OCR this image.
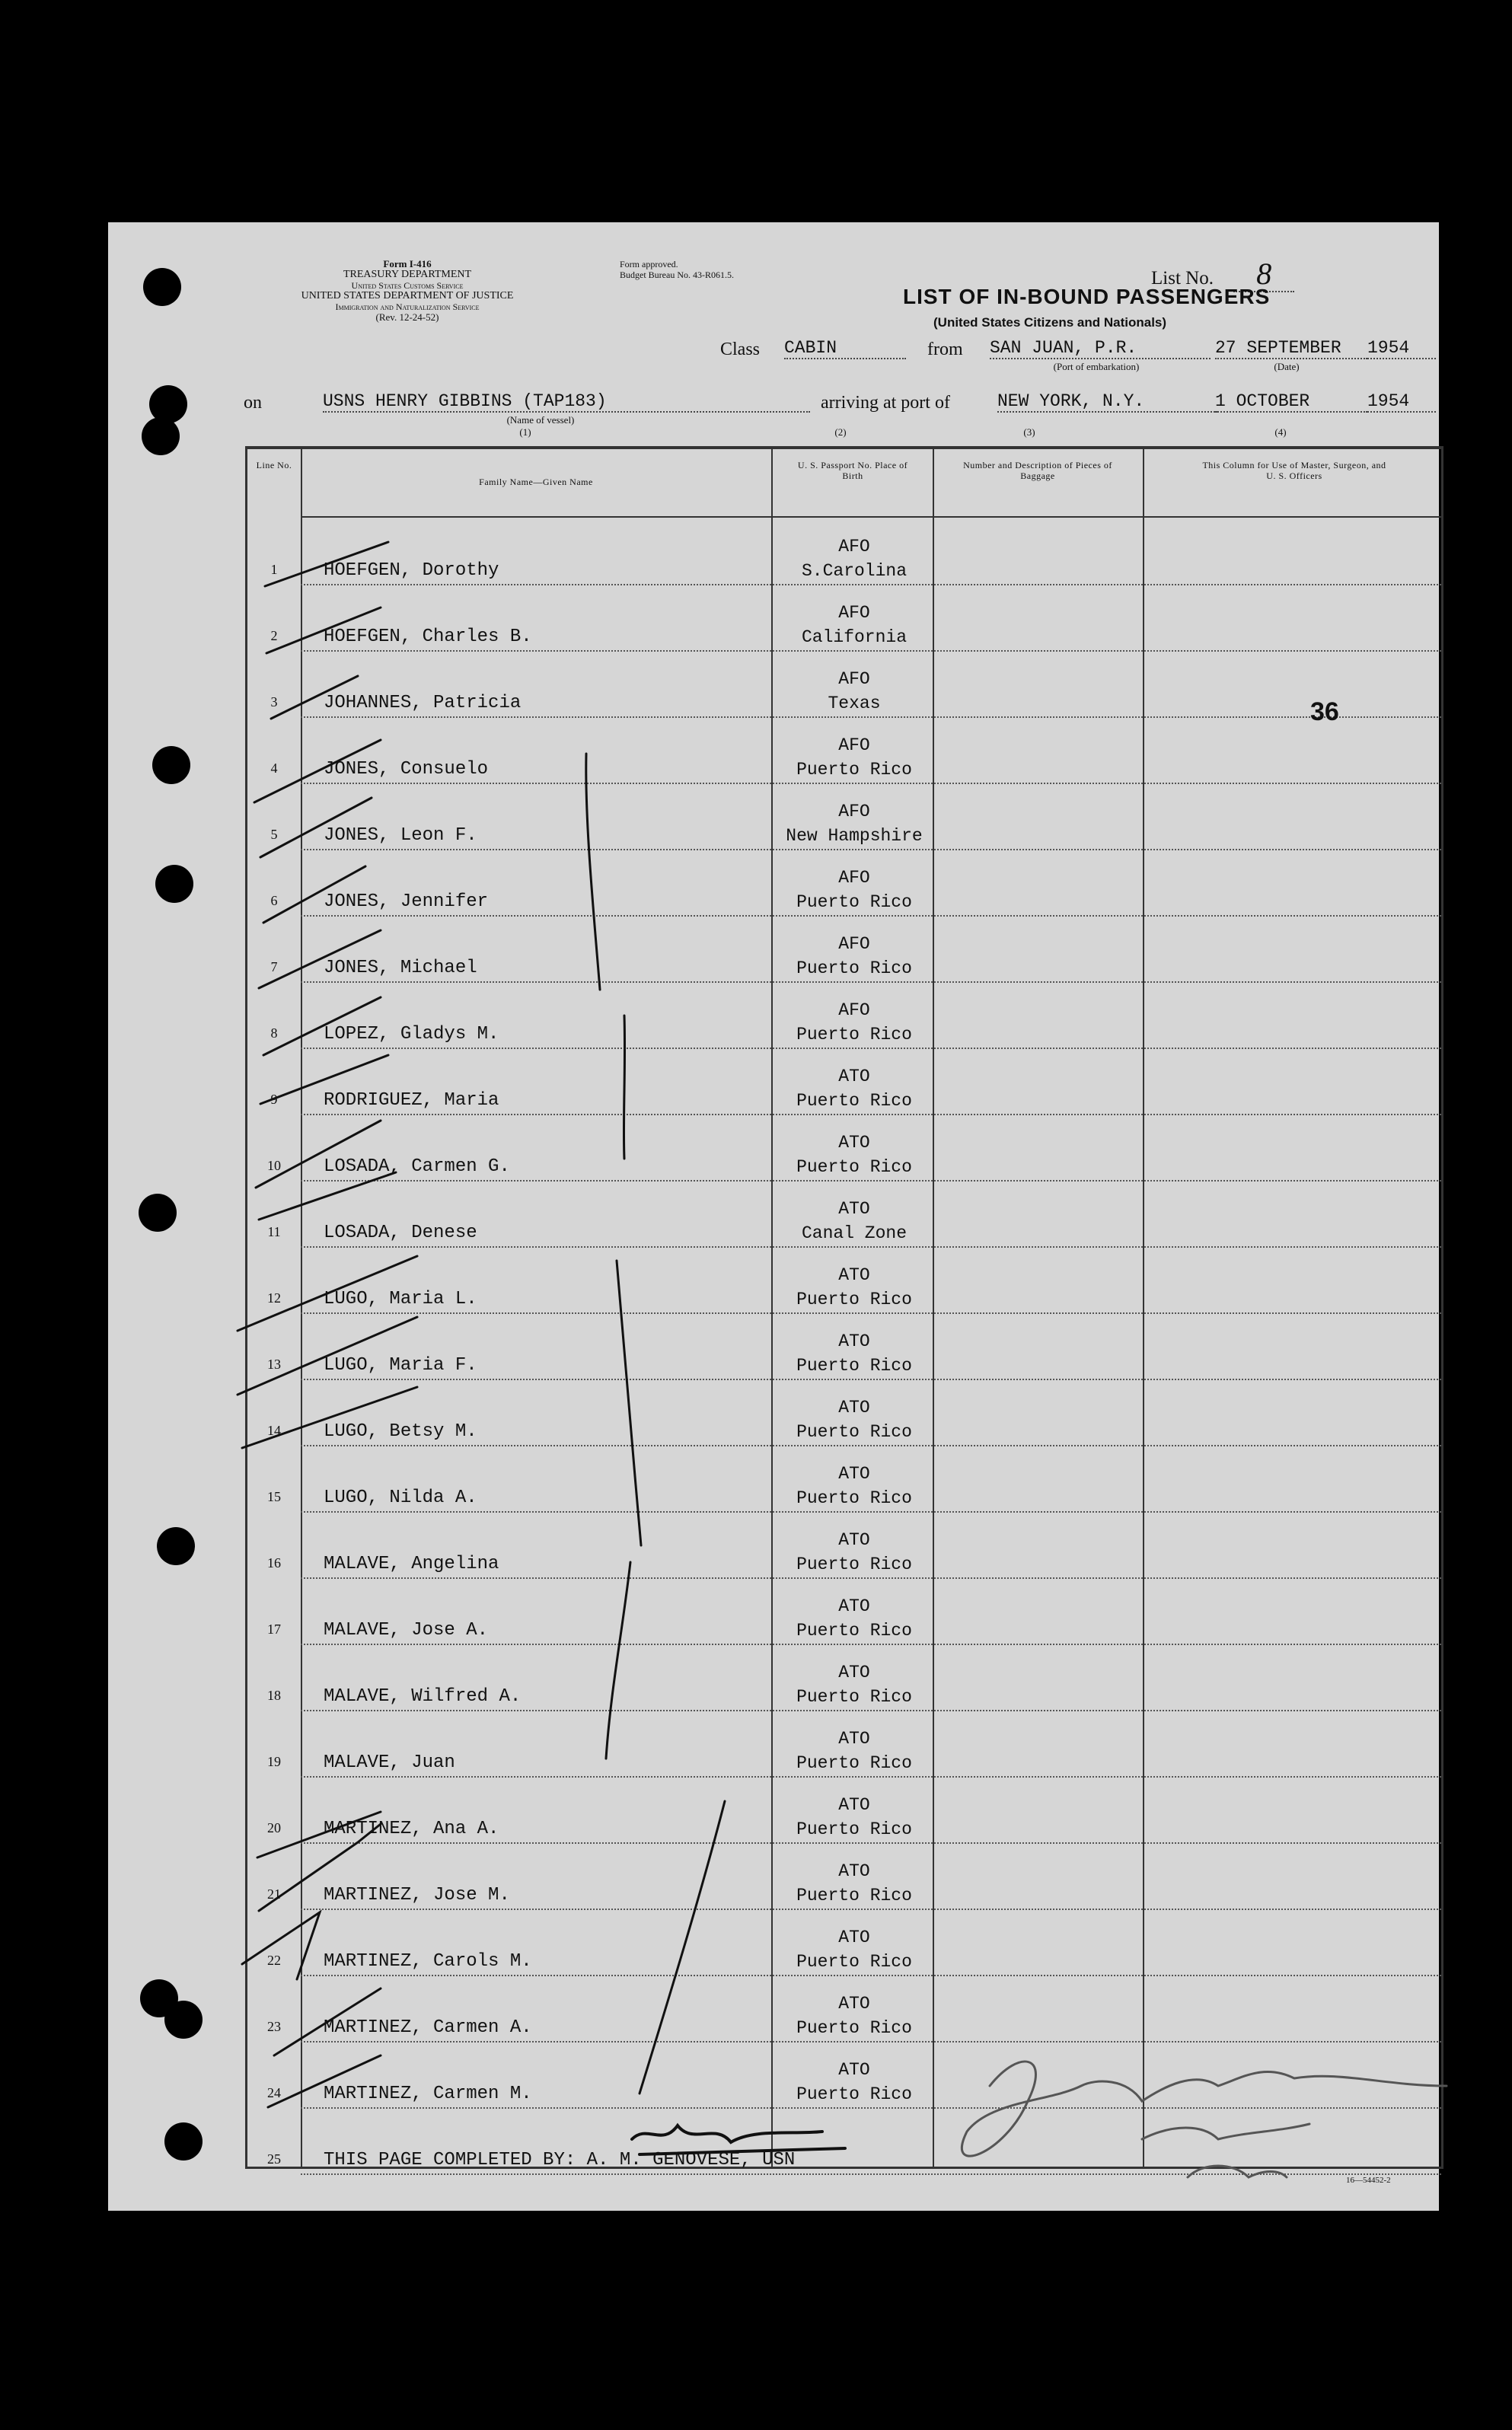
Form I-416
TREASURY DEPARTMENT
United States Customs Service
UNITED STATES DEPARTMENT OF JUSTICE
Immigration and Naturalization Service
(Rev. 12-24-52)
Form approved.
Budget Bureau No. 43-R061.5.	List No. 8
LIST OF IN-BOUND PASSENGERS
(United States Citizens and Nationals)
Class CABIN	from SAN JUAN, P.R.
(Port of embarkation)
27 SEPTEMBER	1954
(Date)
on	USNS HENRY GIBBINS (TAP183)
(Name of vessel)
arriving at port of	NEW YORK, N.Y.	1 OCTOBER	1954
(1)	(2)	(3)	(4)
Line No.
Family Name—Given Name
U. S. Passport No. Place of Birth
Number and Description of Pieces of Baggage
This Column for Use of Master, Surgeon, and U. S. Officers
1	HOEFGEN, Dorothy
AFO
S.Carolina
2	HOEFGEN, Charles B.
AFO
California
3	JOHANNES, Patricia
AFO
Texas
4	JONES, Consuelo
AFO
Puerto Rico
5	JONES, Leon F.
AFO
New Hampshire
6	JONES, Jennifer
AFO
Puerto Rico
7	JONES, Michael
AFO
Puerto Rico
8	LOPEZ, Gladys M.
AFO
Puerto Rico
9	RODRIGUEZ, Maria
ATO
Puerto Rico
10	LOSADA, Carmen G.
ATO
Puerto Rico
11	LOSADA, Denese
ATO
Canal Zone
12	LUGO, Maria L.
ATO
Puerto Rico
13	LUGO, Maria F.
ATO
Puerto Rico
14	LUGO, Betsy M.
ATO
Puerto Rico
15	LUGO, Nilda A.
ATO
Puerto Rico
16	MALAVE, Angelina
ATO
Puerto Rico
17	MALAVE, Jose A.
ATO
Puerto Rico
18	MALAVE, Wilfred A.
ATO
Puerto Rico
19	MALAVE, Juan
ATO
Puerto Rico
20	MARTINEZ, Ana A.
ATO
Puerto Rico
21	MARTINEZ, Jose M.
ATO
Puerto Rico
22	MARTINEZ, Carols M.
ATO
Puerto Rico
23	MARTINEZ, Carmen A.
ATO
Puerto Rico
24	MARTINEZ, Carmen M.
ATO
Puerto Rico
25	THIS PAGE COMPLETED BY: A. M. GENOVESE, USN
36
16—54452-2
